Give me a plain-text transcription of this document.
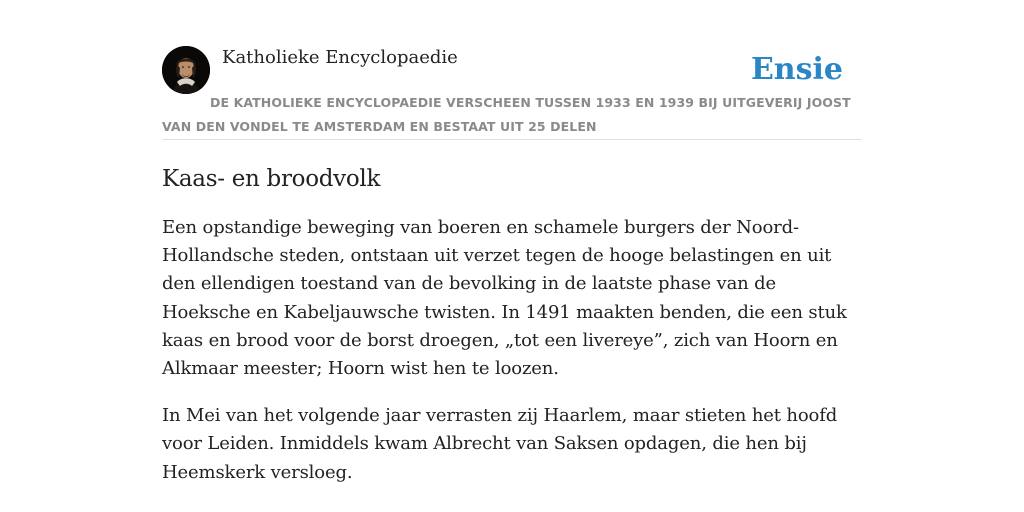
Katholieke Encyclopaedie	Ensie
DE KATHOLIEKE ENCYCLOPAEDIE VERSCHEEN TUSSEN 1933 EN 1939 BIJ UITGEVERIJ JOOST VAN DEN VONDEL TE AMSTERDAM EN BESTAAT UIT 25 DELEN
Kaas- en broodvolk

Een opstandige beweging van boeren en schamele burgers der Noord-Hollandsche steden, ontstaan uit verzet tegen de hooge belastingen en uit den ellendigen toestand van de bevolking in de laatste phase van de Hoeksche en Kabeljauwsche twisten. In 1491 maakten benden, die een stuk kaas en brood voor de borst droegen, „tot een livereye”, zich van Hoorn en Alkmaar meester; Hoorn wist hen te loozen.

In Mei van het volgende jaar verrasten zij Haarlem, maar stieten het hoofd voor Leiden. Inmiddels kwam Albrecht van Saksen opdagen, die hen bij Heemskerk versloeg.
